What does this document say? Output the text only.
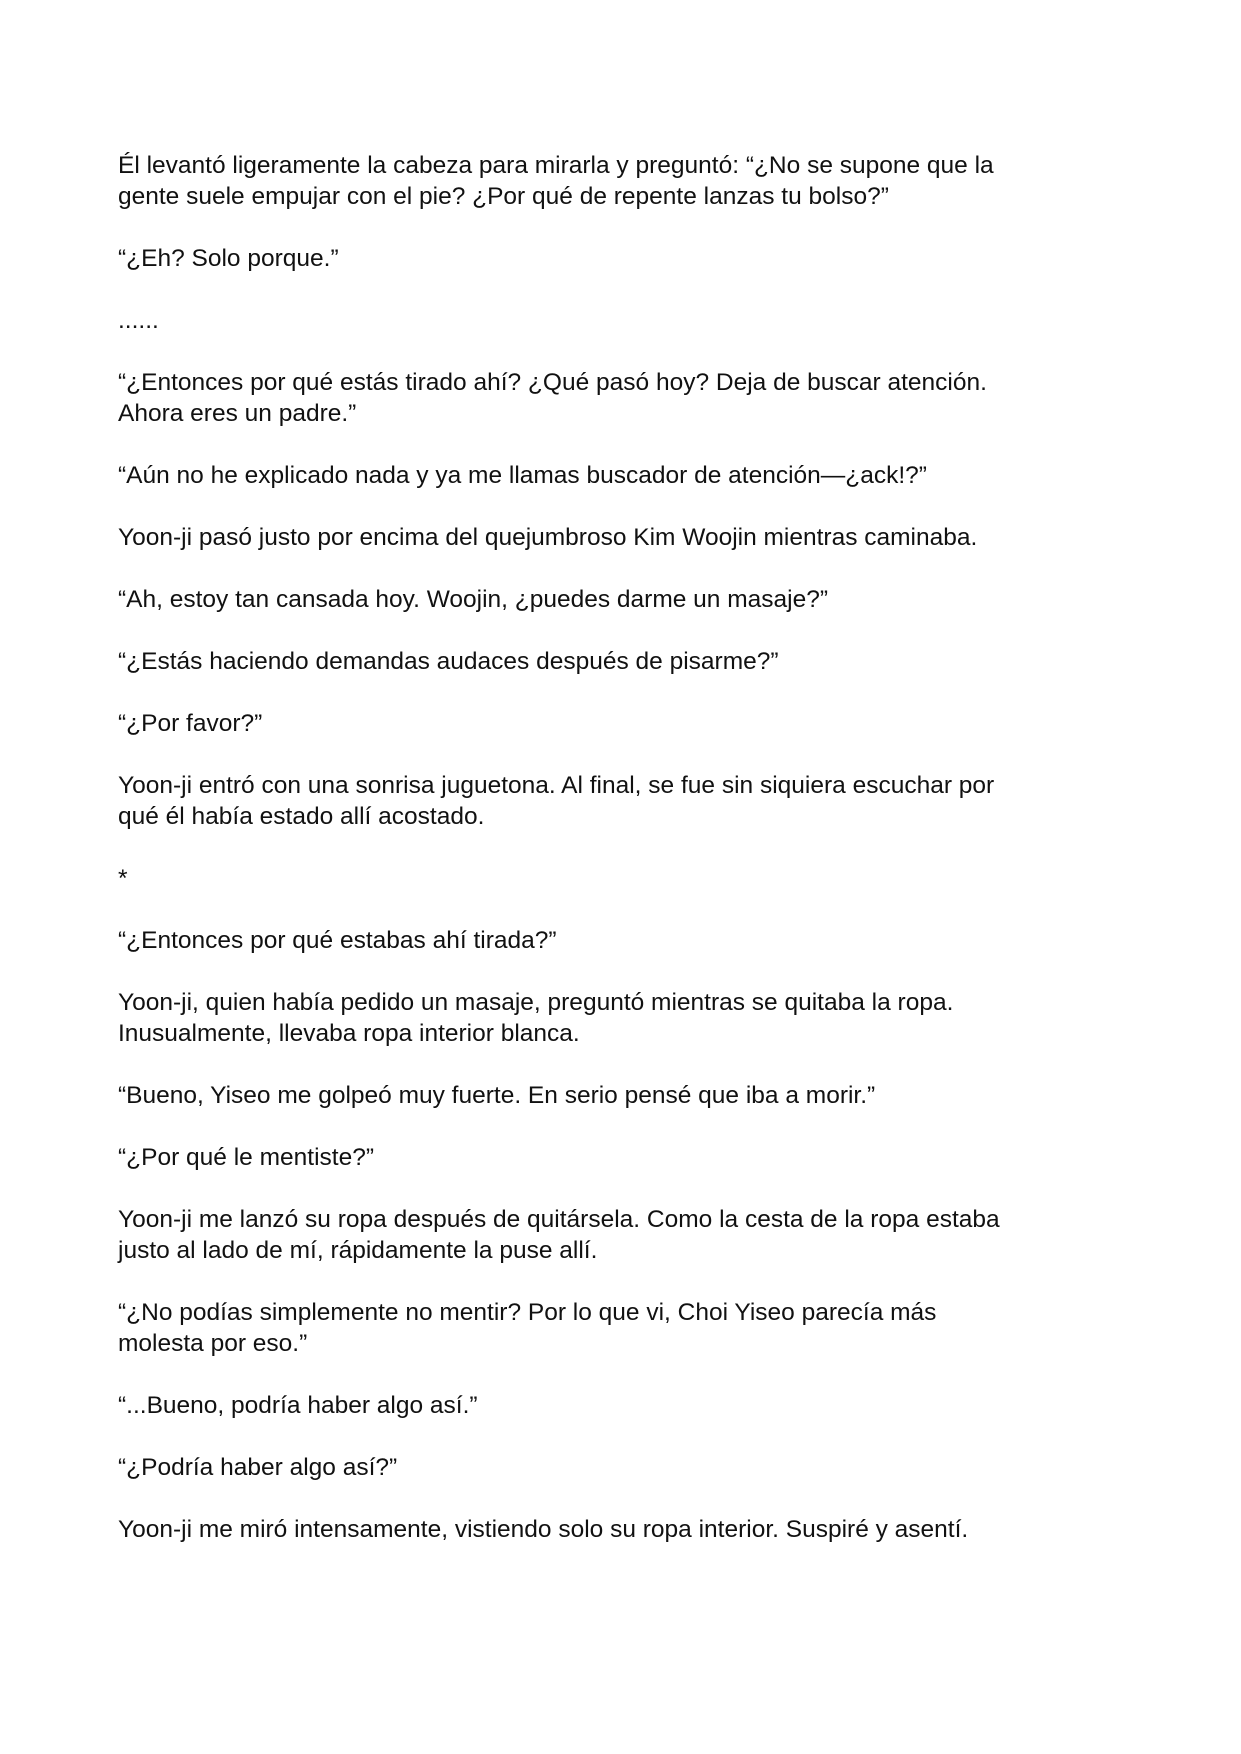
Él levantó ligeramente la cabeza para mirarla y preguntó: “¿No se supone que la
gente suele empujar con el pie? ¿Por qué de repente lanzas tu bolso?”

“¿Eh? Solo porque.”

......

“¿Entonces por qué estás tirado ahí? ¿Qué pasó hoy? Deja de buscar atención.
Ahora eres un padre.”

“Aún no he explicado nada y ya me llamas buscador de atención—¿ack!?”

Yoon-ji pasó justo por encima del quejumbroso Kim Woojin mientras caminaba.

“Ah, estoy tan cansada hoy. Woojin, ¿puedes darme un masaje?”

“¿Estás haciendo demandas audaces después de pisarme?”

“¿Por favor?”

Yoon-ji entró con una sonrisa juguetona. Al final, se fue sin siquiera escuchar por
qué él había estado allí acostado.

*

“¿Entonces por qué estabas ahí tirada?”

Yoon-ji, quien había pedido un masaje, preguntó mientras se quitaba la ropa.
Inusualmente, llevaba ropa interior blanca.

“Bueno, Yiseo me golpeó muy fuerte. En serio pensé que iba a morir.”

“¿Por qué le mentiste?”

Yoon-ji me lanzó su ropa después de quitársela. Como la cesta de la ropa estaba
justo al lado de mí, rápidamente la puse allí.

“¿No podías simplemente no mentir? Por lo que vi, Choi Yiseo parecía más
molesta por eso.”

“...Bueno, podría haber algo así.”

“¿Podría haber algo así?”

Yoon-ji me miró intensamente, vistiendo solo su ropa interior. Suspiré y asentí.
